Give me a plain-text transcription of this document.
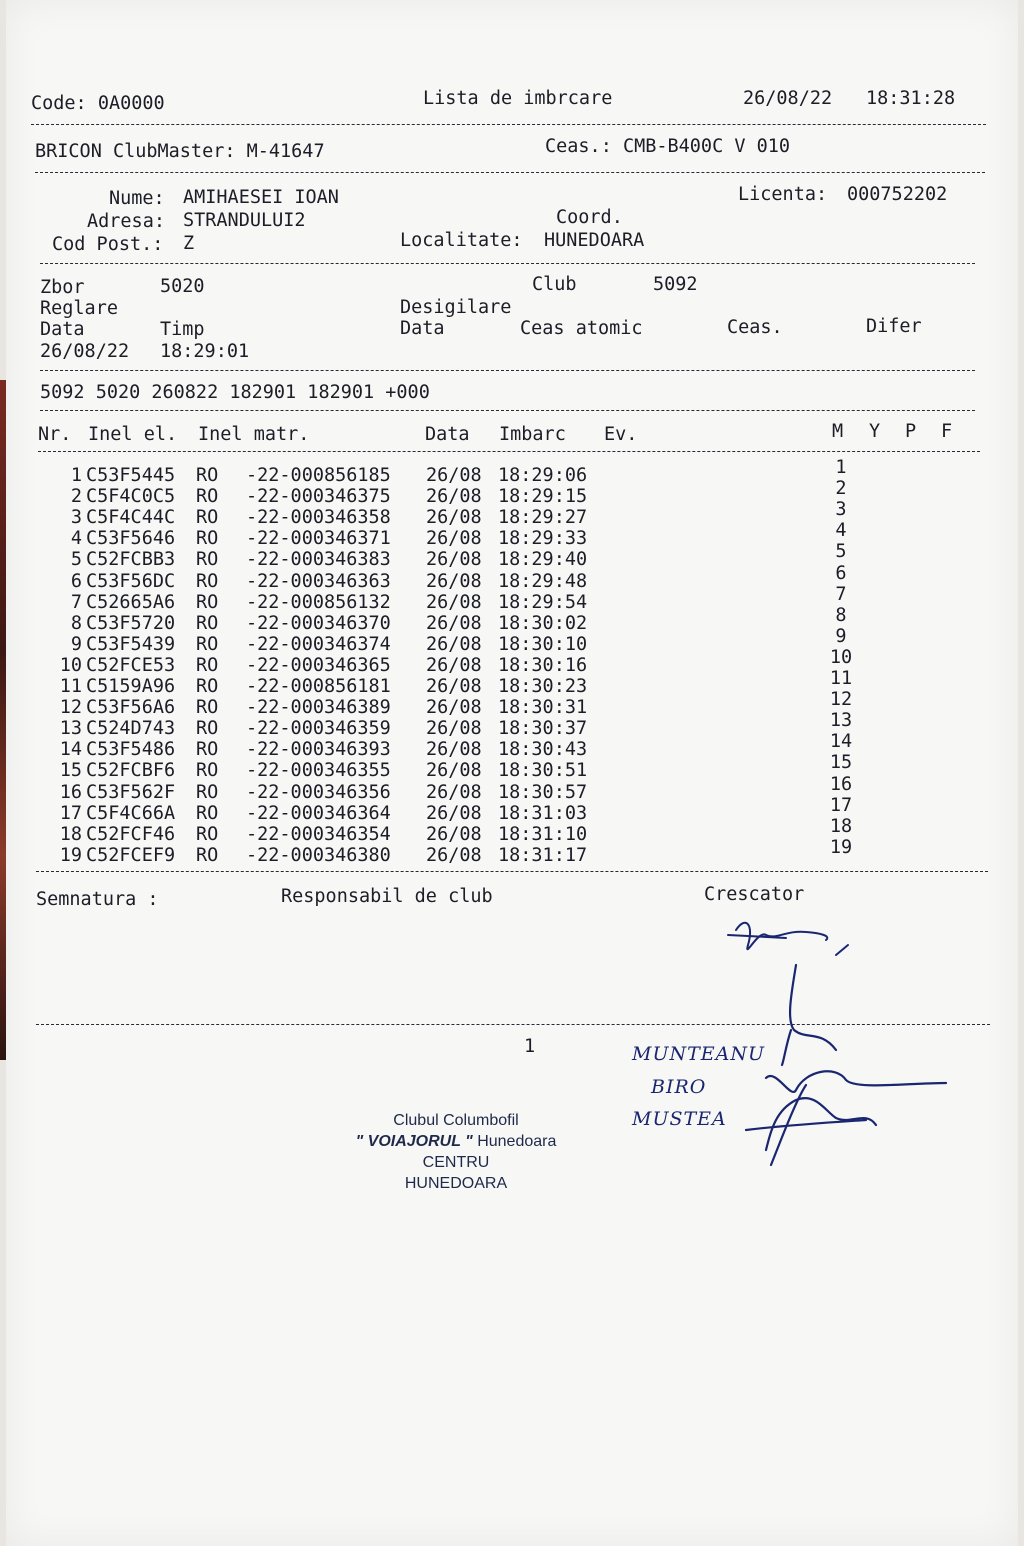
Code: 0A0000	Lista de imbrcare	26/08/22 18:31:28
BRICON ClubMaster: M-41647	Ceas.: CMB-B400C V 010
Nume: AMIHAESEI IOAN	Licenta: 000752202
Adresa: STRANDULUI2	Coord.
Cod Post.: Z	Localitate: HUNEDOARA
Zbor	5020	Club	5092
Reglare	Desigilare
Data	Timp	Data	Ceas atomic	Ceas.	Difer
26/08/22 18:29:01
5092 5020 260822 182901 182901 +000
Nr. Inel el. Inel matr.	Data Imbarc Ev.	M Y P F
1 C53F5445 RO -22-000856185 26/08 18:29:06	1
2 C5F4C0C5 RO -22-000346375 26/08 18:29:15	2
3 C5F4C44C RO -22-000346358 26/08 18:29:27	3
4 C53F5646 RO -22-000346371 26/08 18:29:33	4
5 C52FCBB3 RO -22-000346383 26/08 18:29:40	5
6 C53F56DC RO -22-000346363 26/08 18:29:48	6
7 C52665A6 RO -22-000856132 26/08 18:29:54	7
8 C53F5720 RO -22-000346370 26/08 18:30:02	8
9 C53F5439 RO -22-000346374 26/08 18:30:10	9
10 C52FCE53 RO -22-000346365 26/08 18:30:16	10
11 C5159A96 RO -22-000856181 26/08 18:30:23	11
12 C53F56A6 RO -22-000346389 26/08 18:30:31	12
13 C524D743 RO -22-000346359 26/08 18:30:37	13
14 C53F5486 RO -22-000346393 26/08 18:30:43	14
15 C52FCBF6 RO -22-000346355 26/08 18:30:51	15
16 C53F562F RO -22-000346356 26/08 18:30:57	16
17 C5F4C66A RO -22-000346364 26/08 18:31:03	17
18 C52FCF46 RO -22-000346354 26/08 18:31:10	18
19 C52FCEF9 RO -22-000346380 26/08 18:31:17	19
Semnatura :	Responsabil de club	Crescator
1
Clubul Columbofil
" VOIAJORUL " Hunedoara
CENTRU
HUNEDOARA
MUNTEANU
BIRO
MUSTEA
